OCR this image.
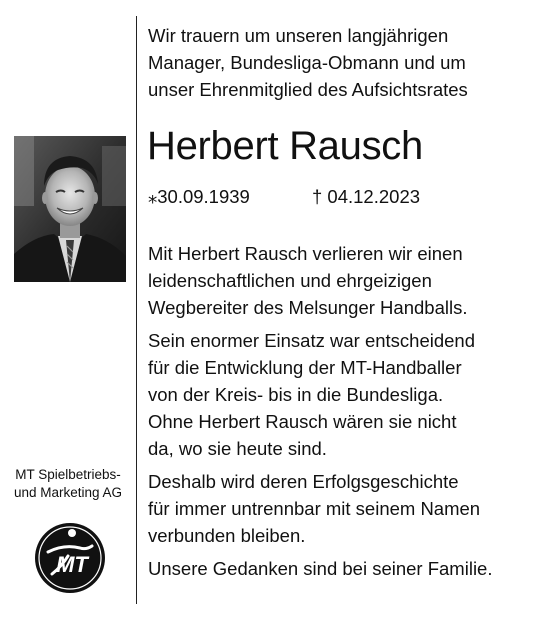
MT Spielbetriebs-
und Marketing AG
MT
Wir trauern um unseren langjährigen
Manager, Bundesliga-Obmann und um
unser Ehrenmitglied des Aufsichtsrates
Herbert Rausch
⁎30.09.1939	† 04.12.2023
Mit Herbert Rausch verlieren wir einen
leidenschaftlichen und ehrgeizigen
Wegbereiter des Melsunger Handballs.
Sein enormer Einsatz war entscheidend
für die Entwicklung der MT-Handballer
von der Kreis- bis in die Bundesliga.
Ohne Herbert Rausch wären sie nicht
da, wo sie heute sind.
Deshalb wird deren Erfolgsgeschichte
für immer untrennbar mit seinem Namen
verbunden bleiben.
Unsere Gedanken sind bei seiner Familie.
